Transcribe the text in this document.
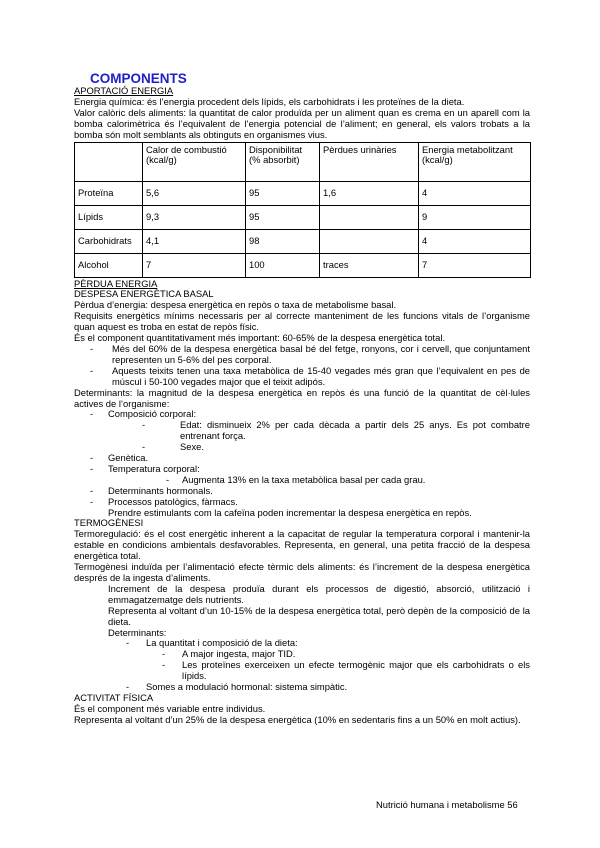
COMPONENTS
APORTACIÓ ENERGIA

Energia química: és l’energia procedent dels lípids, els carbohidrats i les proteïnes de la dieta.

Valor calòric dels aliments: la quantitat de calor produïda per un aliment quan es crema en un aparell com la bomba calorimètrica és l’equivalent de l’energia potencial de l’aliment; en general, els valors trobats a la bomba són molt semblants als obtinguts en organismes vius.

	Calor de combustió (kcal/g)	Disponibilitat (% absorbit)	Pèrdues urinàries	Energia metabolitzant (kcal/g)
Proteïna	5,6	95	1,6	4
Lípids	9,3	95		9
Carbohidrats	4,1	98		4
Alcohol	7	100	traces	7
PÈRDUA ENERGIA
DESPESA ENERGÈTICA BASAL

Pèrdua d’energia: despesa energètica en repòs o taxa de metabolisme basal.

Requisits energètics mínims necessaris per al correcte manteniment de les funcions vitals de l’organisme quan aquest es troba en estat de repòs físic.

És el component quantitativament més important: 60-65% de la despesa energètica total.

- Més del 60% de la despesa energètica basal bé del fetge, ronyons, cor i cervell, que conjuntament representen un 5-6% del pes corporal.
- Aquests teixits tenen una taxa metabòlica de 15-40 vegades més gran que l’equivalent en pes de múscul i 50-100 vegades major que el teixit adipós.

Determinants: la magnitud de la despesa energètica en repòs és una funció de la quantitat de cèl·lules actives de l’organisme:

- Composició corporal:
-	Edat: disminueix 2% per cada dècada a partir dels 25 anys. Es pot combatre entrenant força.
-	Sexe.
- Genètica.
- Temperatura corporal:
- Augmenta 13% en la taxa metabòlica basal per cada grau.
- Determinants hormonals.
- Processos patològics, fàrmacs.
Prendre estimulants com la cafeïna poden incrementar la despesa energètica en repòs.
TERMOGÈNESI

Termoregulació: és el cost energètic inherent a la capacitat de regular la temperatura corporal i mantenir-la estable en condicions ambientals desfavorables. Representa, en general, una petita fracció de la despesa energètica total.

Termogènesi induïda per l’alimentació efecte tèrmic dels aliments: és l’increment de la despesa energètica després de la ingesta d’aliments.

Increment de la despesa produïa durant els processos de digestió, absorció, utilització i emmagatzematge dels nutrients.
Representa al voltant d’un 10-15% de la despesa energètica total, però depèn de la composició de la dieta.
Determinants:
- La quantitat i composició de la dieta:
- A major ingesta, major TID.
- Les proteïnes exerceixen un efecte termogènic major que els carbohidrats o els lípids.
- Somes a modulació hormonal: sistema simpàtic.
ACTIVITAT FÍSICA

És el component més variable entre individus.

Representa al voltant d’un 25% de la despesa energètica (10% en sedentaris fins a un 50% en molt actius).

Nutrició humana i metabolisme 56
